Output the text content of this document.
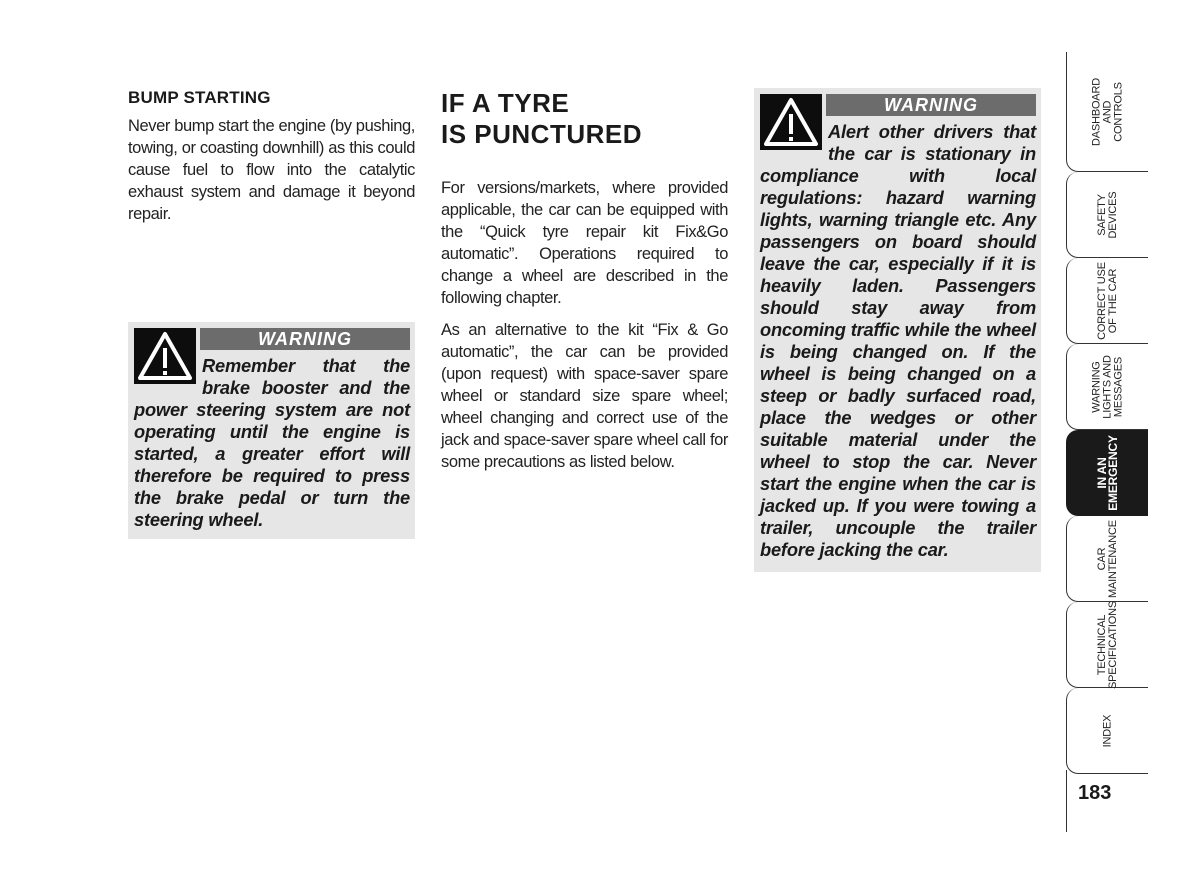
BUMP STARTING

Never bump start the engine (by pushing, towing, or coasting downhill) as this could cause fuel to flow into the catalytic exhaust system and damage it beyond repair.

WARNING
Remember that the brake booster and the power steering system are not operating until the engine is started, a greater effort will therefore be required to press the brake pedal or turn the steering wheel.
IF A TYRE
IS PUNCTURED

For versions/markets, where provided applicable, the car can be equipped with the “Quick tyre repair kit Fix&Go automatic”. Operations required to change a wheel are described in the following chapter.

As an alternative to the kit “Fix & Go automatic”, the car can be provided (upon request) with space-saver spare wheel or standard size spare wheel; wheel changing and correct use of the jack and space-saver spare wheel call for some precautions as listed below.

WARNING
Alert other drivers that the car is stationary in compliance with local regulations: hazard warning lights, warning triangle etc. Any passengers on board should leave the car, especially if it is heavily laden. Passengers should stay away from oncoming traffic while the wheel is being changed on. If the wheel is being changed on a steep or badly surfaced road, place the wedges or other suitable material under the wheel to stop the car. Never start the engine when the car is jacked up. If you were towing a trailer, uncouple the trailer before jacking the car.
DASHBOARD
AND
CONTROLS
SAFETY
DEVICES
CORRECT USE
OF THE CAR
WARNING
LIGHTS AND
MESSAGES
IN AN
EMERGENCY
CAR
MAINTENANCE
TECHNICAL
SPECIFICATIONS
INDEX
183
